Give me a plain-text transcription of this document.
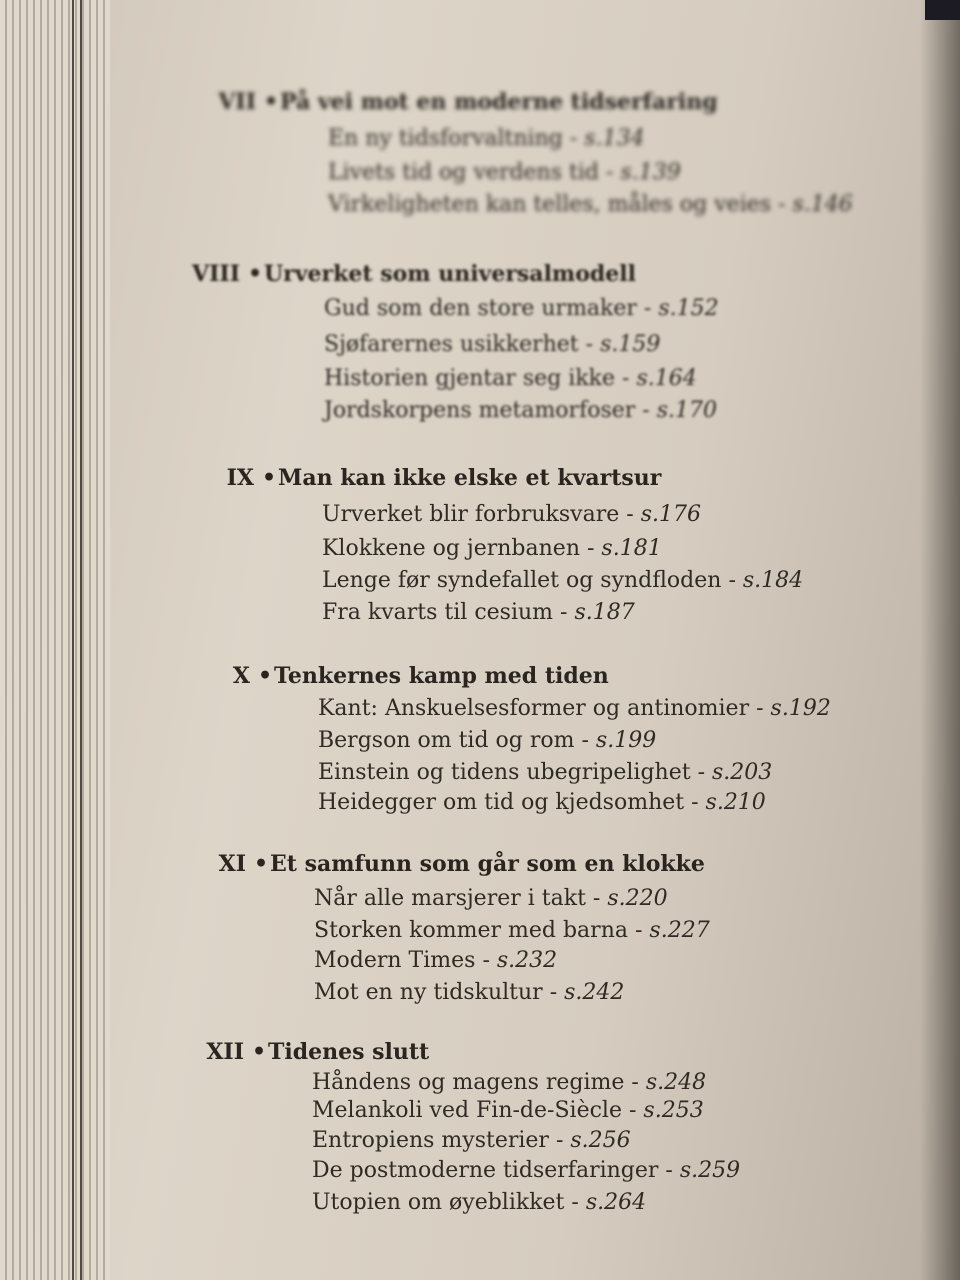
VII •På vei mot en moderne tidserfaring
En ny tidsforvaltning - s.134
Livets tid og verdens tid - s.139
Virkeligheten kan telles, måles og veies - s.146
VIII •Urverket som universalmodell
Gud som den store urmaker - s.152
Sjøfarernes usikkerhet - s.159
Historien gjentar seg ikke - s.164
Jordskorpens metamorfoser - s.170
IX •Man kan ikke elske et kvartsur
Urverket blir forbruksvare - s.176
Klokkene og jernbanen - s.181
Lenge før syndefallet og syndfloden - s.184
Fra kvarts til cesium - s.187
X •Tenkernes kamp med tiden
Kant: Anskuelsesformer og antinomier - s.192
Bergson om tid og rom - s.199
Einstein og tidens ubegripelighet - s.203
Heidegger om tid og kjedsomhet - s.210
XI •Et samfunn som går som en klokke
Når alle marsjerer i takt - s.220
Storken kommer med barna - s.227
Modern Times - s.232
Mot en ny tidskultur - s.242
XII •Tidenes slutt
Håndens og magens regime - s.248
Melankoli ved Fin-de-Siècle - s.253
Entropiens mysterier - s.256
De postmoderne tidserfaringer - s.259
Utopien om øyeblikket - s.264
